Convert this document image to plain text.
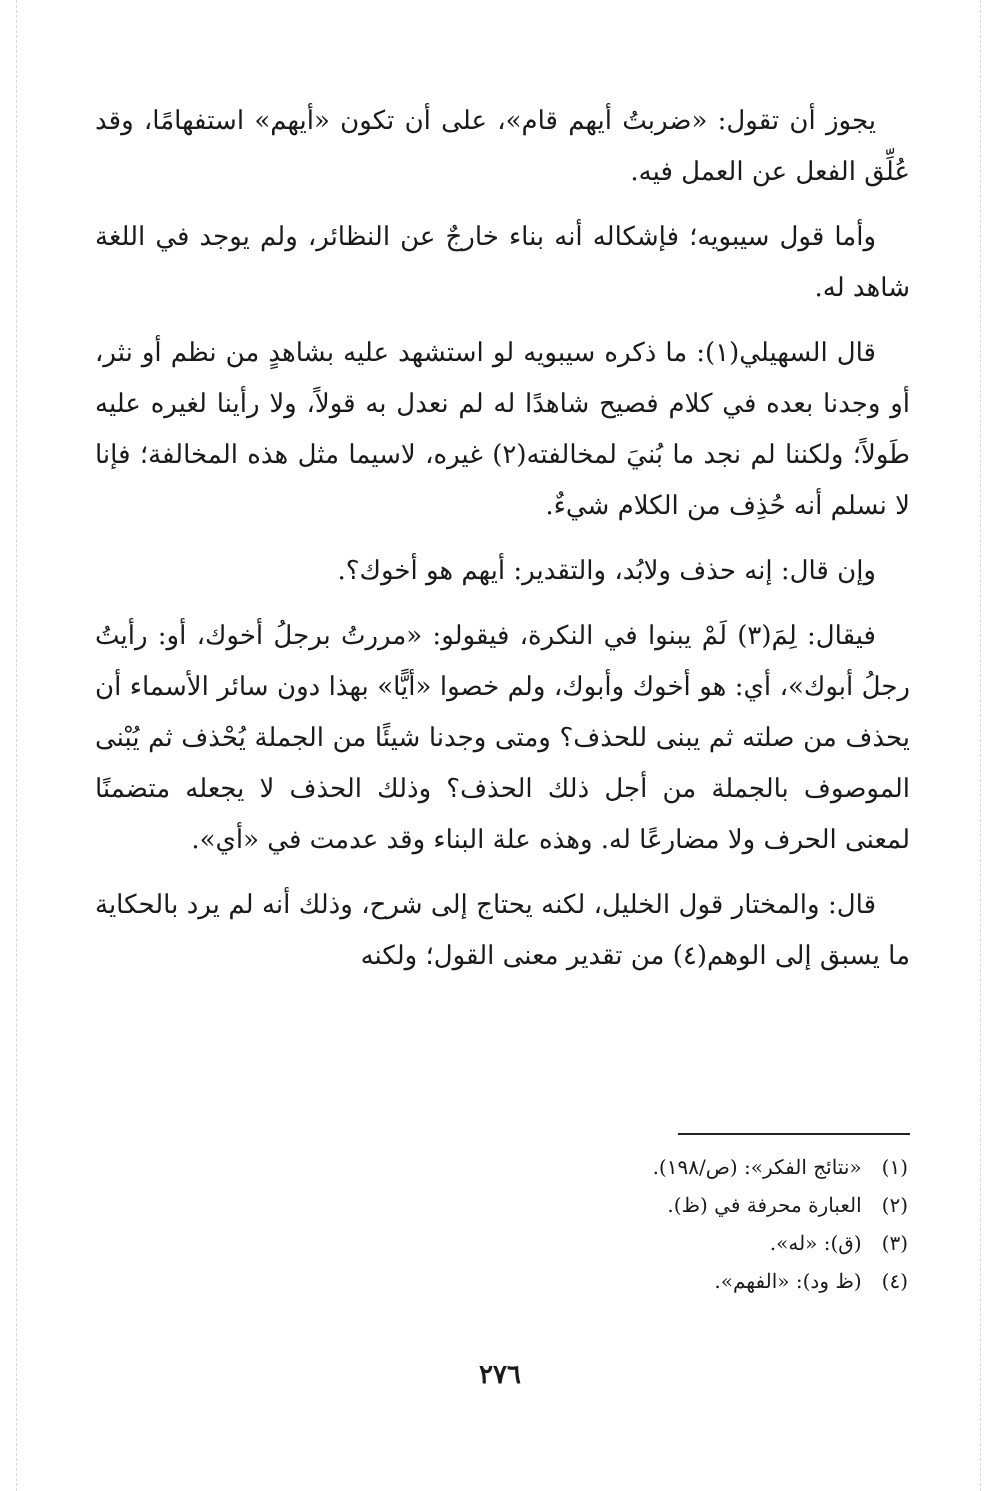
يجوز أن تقول: «ضربتُ أيهم قام»، على أن تكون «أيهم» استفهامًا، وقد عُلِّق الفعل عن العمل فيه.

وأما قول سيبويه؛ فإشكاله أنه بناء خارجٌ عن النظائر، ولم يوجد في اللغة شاهد له.

قال السهيلي(١): ما ذكره سيبويه لو استشهد عليه بشاهدٍ من نظم أو نثر، أو وجدنا بعده في كلام فصيح شاهدًا له لم نعدل به قولاً، ولا رأينا لغيره عليه طَولاً؛ ولكننا لم نجد ما بُنيَ لمخالفته(٢) غيره، لاسيما مثل هذه المخالفة؛ فإنا لا نسلم أنه حُذِف من الكلام شيءٌ.

وإن قال: إنه حذف ولابُد، والتقدير: أيهم هو أخوك؟.

فيقال: لِمَ(٣) لَمْ يبنوا في النكرة، فيقولو: «مررتُ برجلُ أخوك، أو: رأيتُ رجلُ أبوك»، أي: هو أخوك وأبوك، ولم خصوا «أيًّا» بهذا دون سائر الأسماء أن يحذف من صلته ثم يبنى للحذف؟ ومتى وجدنا شيئًا من الجملة يُحْذف ثم يُبْنى الموصوف بالجملة من أجل ذلك الحذف؟ وذلك الحذف لا يجعله متضمنًا لمعنى الحرف ولا مضارعًا له. وهذه علة البناء وقد عدمت في «أي».

قال: والمختار قول الخليل، لكنه يحتاج إلى شرح، وذلك أنه لم يرد بالحكاية ما يسبق إلى الوهم(٤) من تقدير معنى القول؛ ولكنه

(١) «نتائج الفكر»: (ص/١٩٨).

(٢) العبارة محرفة في (ظ).

(٣) (ق): «له».

(٤) (ظ ود): «الفهم».

٢٧٦
